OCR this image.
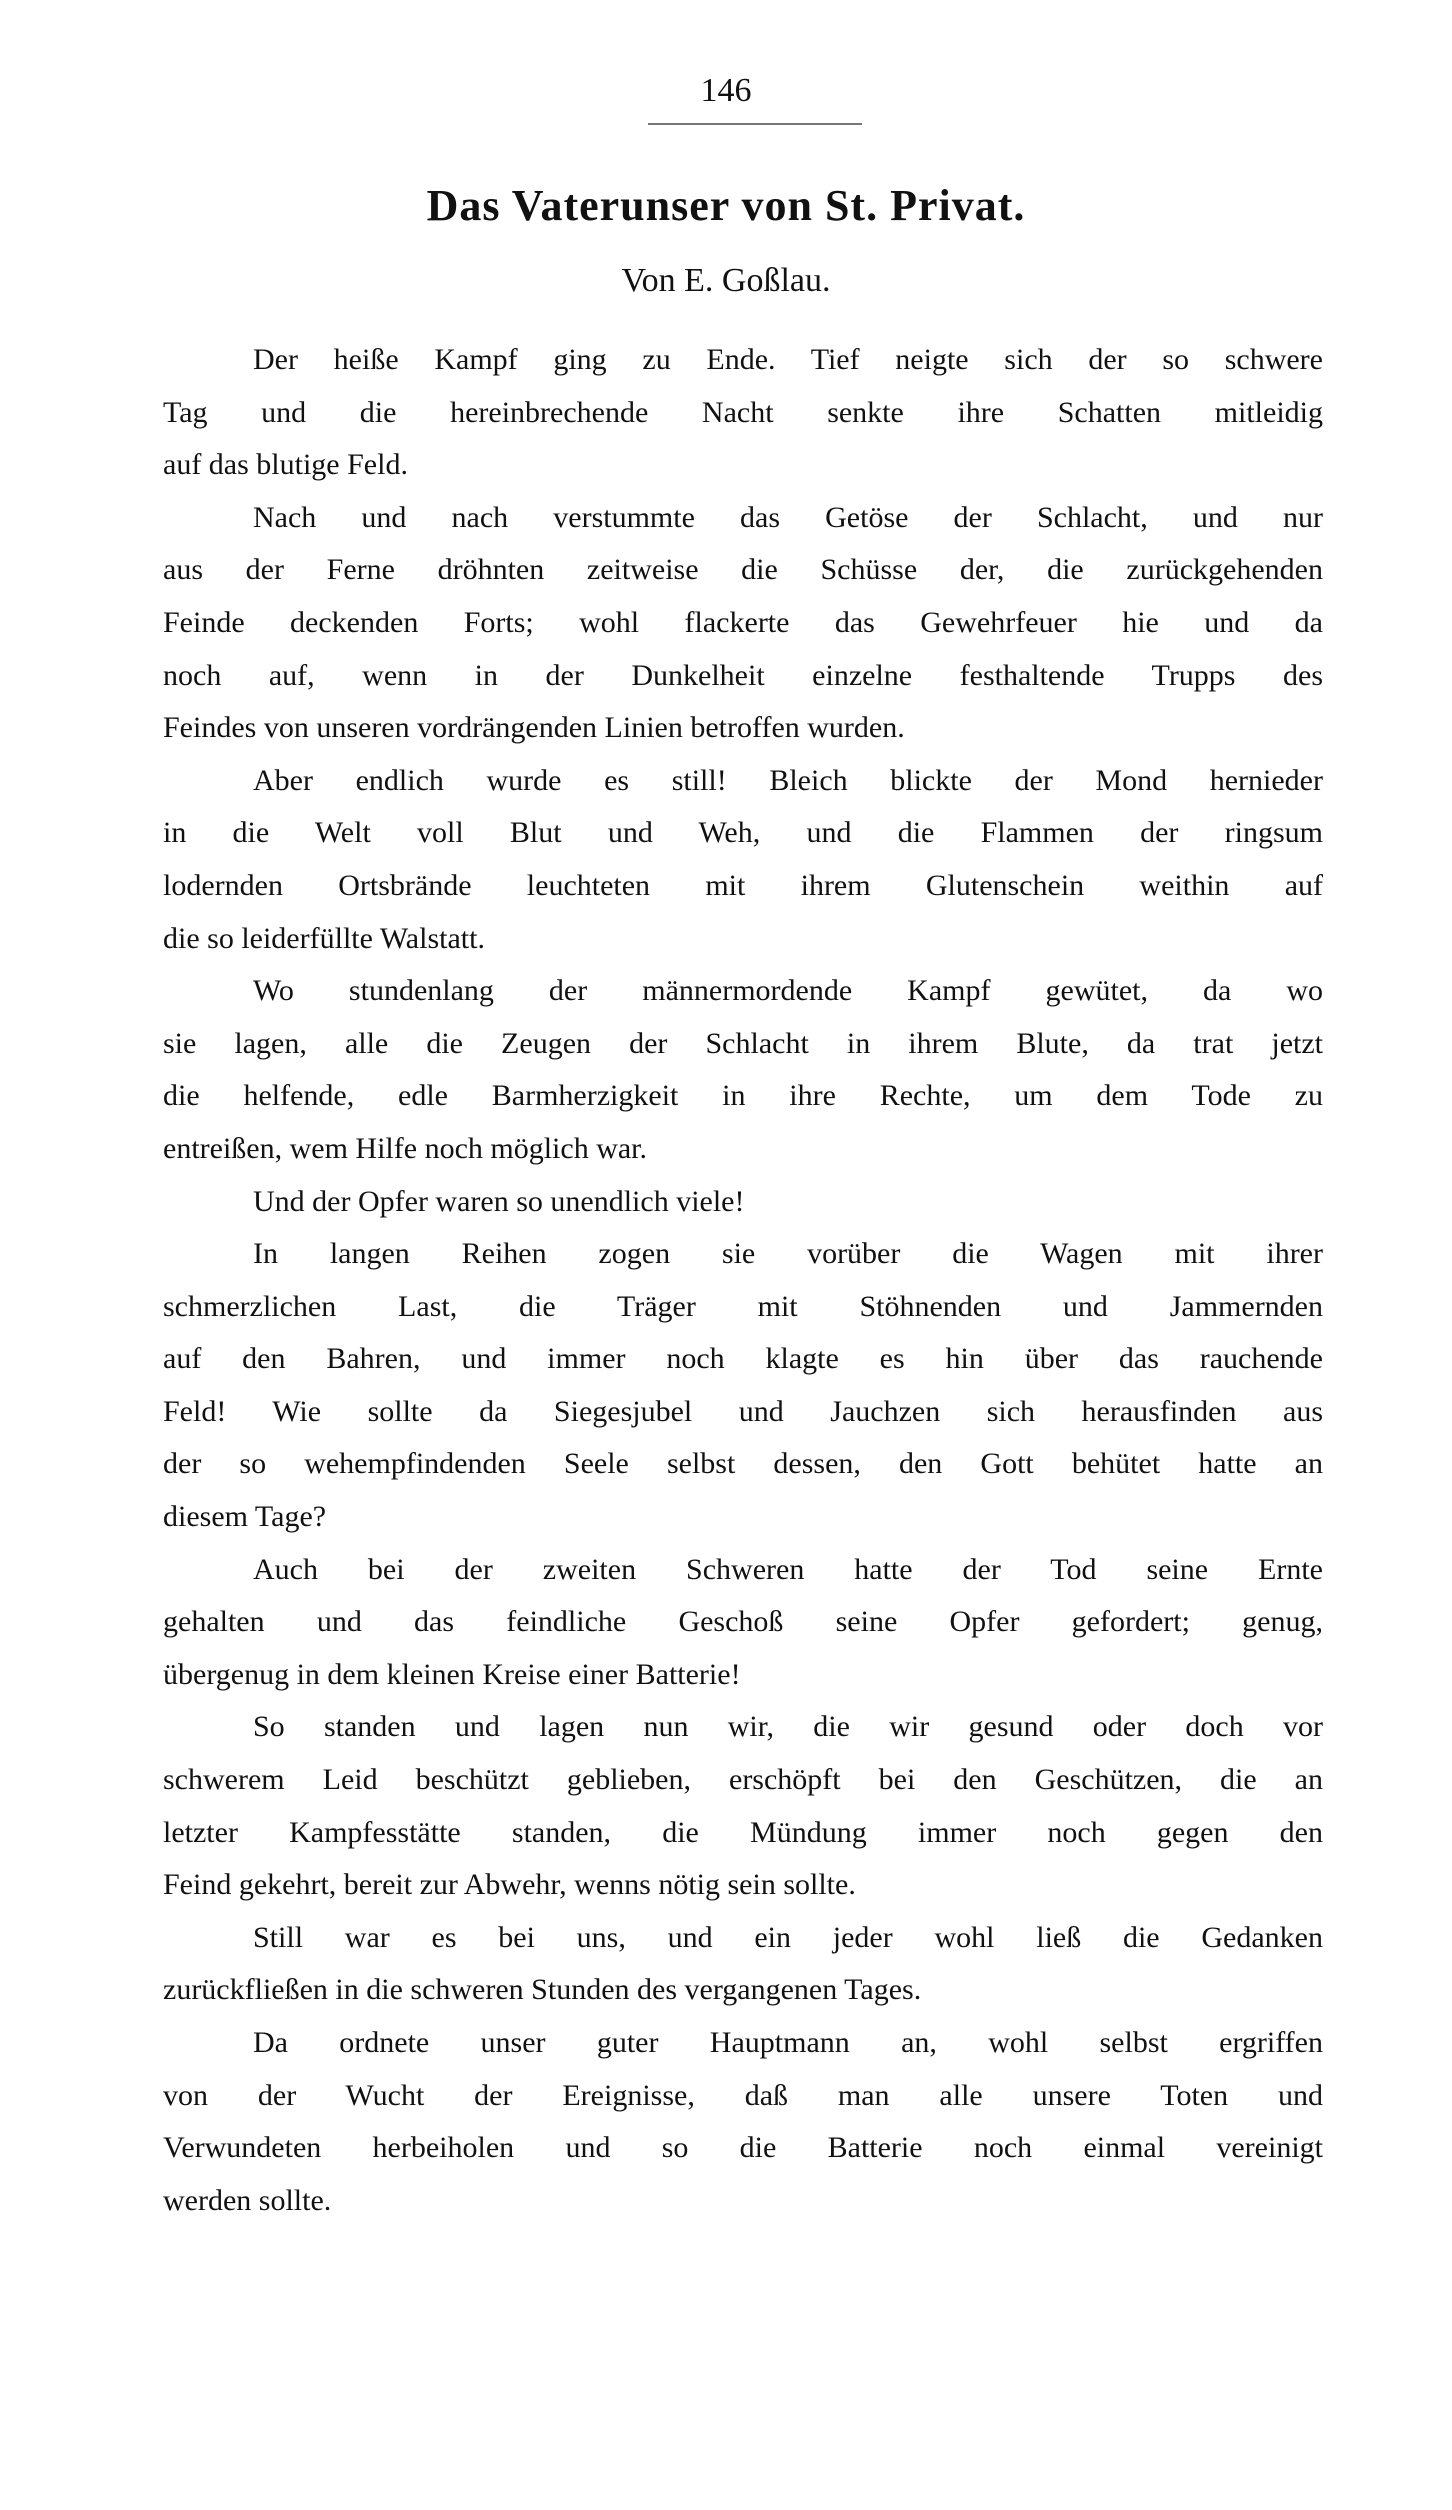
146
Das Vaterunser von St. Privat.
Von E. Goßlau.
Der heiße Kampf ging zu Ende. Tief neigte sich der so schwere
Tag und die hereinbrechende Nacht senkte ihre Schatten mitleidig
auf das blutige Feld.
Nach und nach verstummte das Getöse der Schlacht, und nur
aus der Ferne dröhnten zeitweise die Schüsse der, die zurückgehenden
Feinde deckenden Forts; wohl flackerte das Gewehrfeuer hie und da
noch auf, wenn in der Dunkelheit einzelne festhaltende Trupps des
Feindes von unseren vordrängenden Linien betroffen wurden.
Aber endlich wurde es still! Bleich blickte der Mond hernieder
in die Welt voll Blut und Weh, und die Flammen der ringsum
lodernden Ortsbrände leuchteten mit ihrem Glutenschein weithin auf
die so leiderfüllte Walstatt.
Wo stundenlang der männermordende Kampf gewütet, da wo
sie lagen, alle die Zeugen der Schlacht in ihrem Blute, da trat jetzt
die helfende, edle Barmherzigkeit in ihre Rechte, um dem Tode zu
entreißen, wem Hilfe noch möglich war.
Und der Opfer waren so unendlich viele!
In langen Reihen zogen sie vorüber die Wagen mit ihrer
schmerzlichen Last, die Träger mit Stöhnenden und Jammernden
auf den Bahren, und immer noch klagte es hin über das rauchende
Feld! Wie sollte da Siegesjubel und Jauchzen sich herausfinden aus
der so wehempfindenden Seele selbst dessen, den Gott behütet hatte an
diesem Tage?
Auch bei der zweiten Schweren hatte der Tod seine Ernte
gehalten und das feindliche Geschoß seine Opfer gefordert; genug,
übergenug in dem kleinen Kreise einer Batterie!
So standen und lagen nun wir, die wir gesund oder doch vor
schwerem Leid beschützt geblieben, erschöpft bei den Geschützen, die an
letzter Kampfesstätte standen, die Mündung immer noch gegen den
Feind gekehrt, bereit zur Abwehr, wenns nötig sein sollte.
Still war es bei uns, und ein jeder wohl ließ die Gedanken
zurückfließen in die schweren Stunden des vergangenen Tages.
Da ordnete unser guter Hauptmann an, wohl selbst ergriffen
von der Wucht der Ereignisse, daß man alle unsere Toten und
Verwundeten herbeiholen und so die Batterie noch einmal vereinigt
werden sollte.
